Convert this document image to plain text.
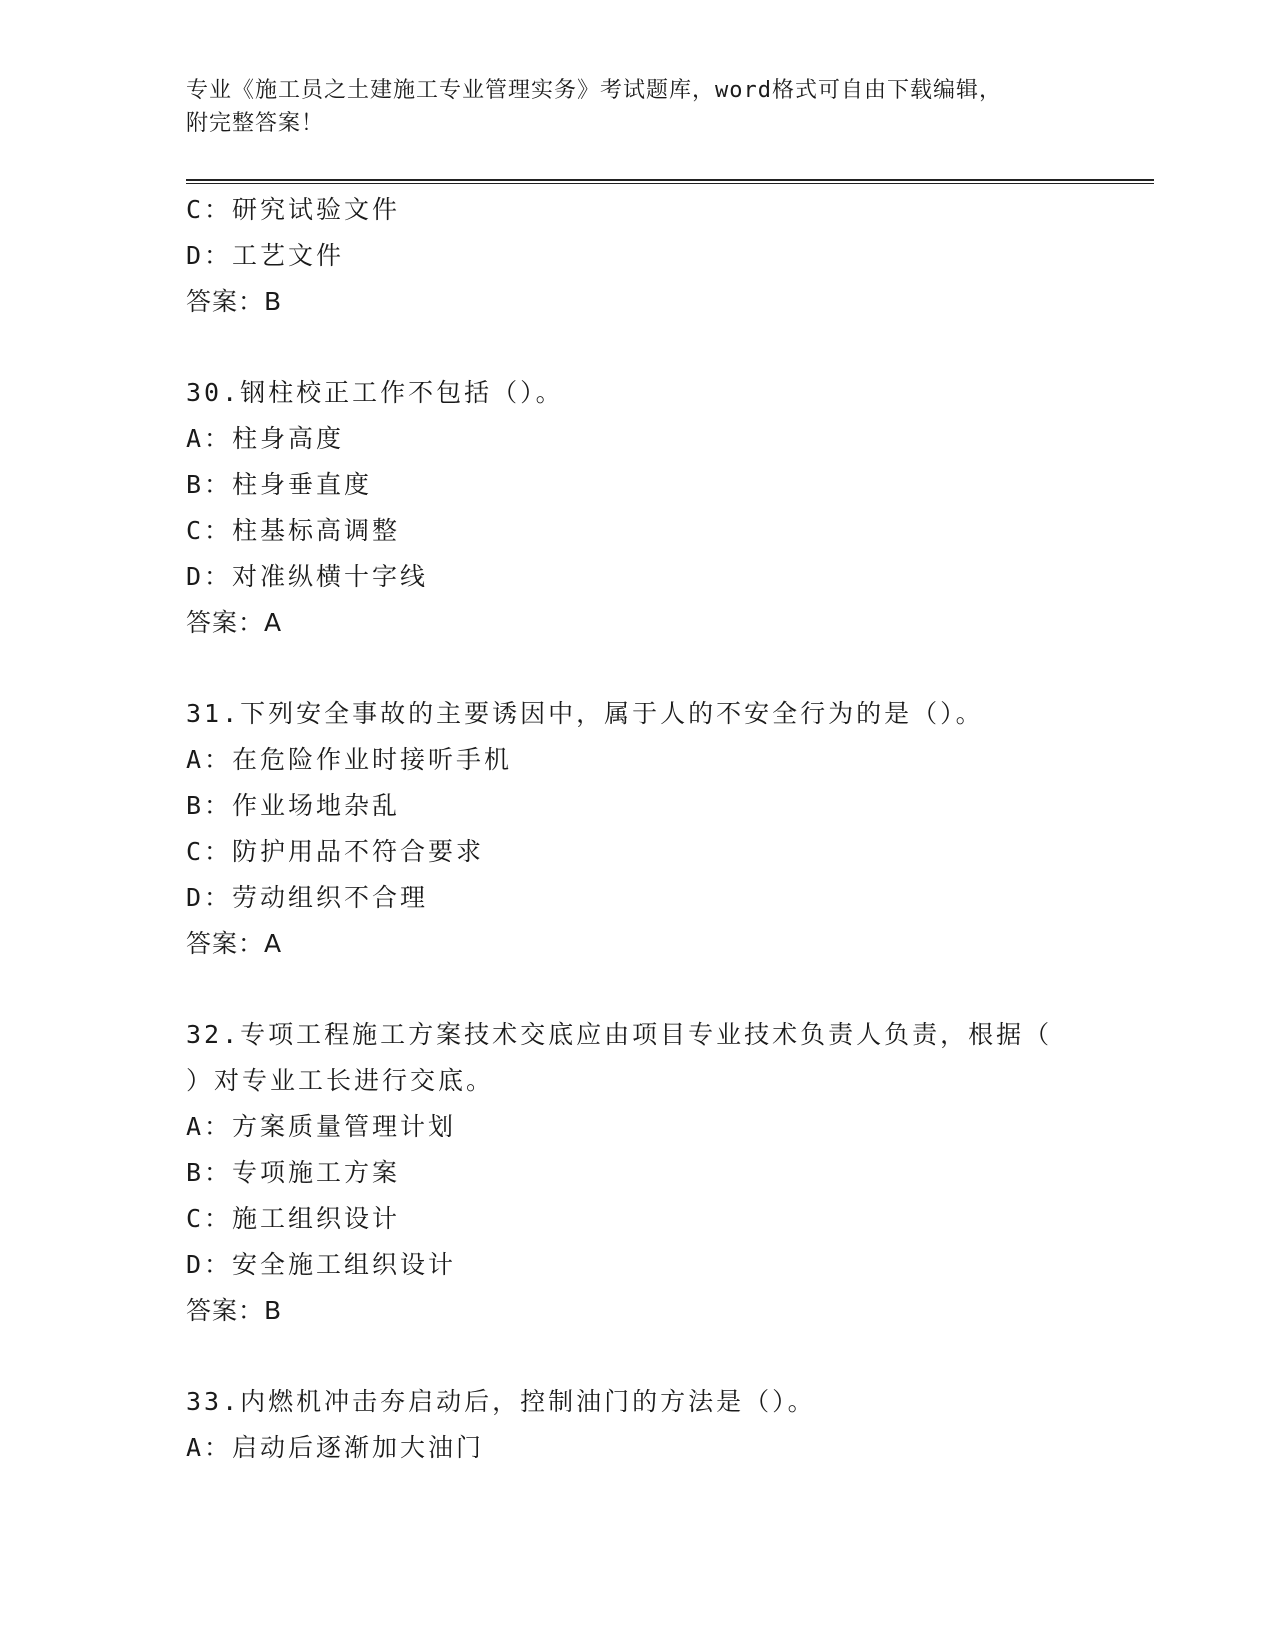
专业《施工员之土建施工专业管理实务》考试题库，word格式可自由下载编辑，
附完整答案！
C：研究试验文件
D：工艺文件
答案：B
30.钢柱校正工作不包括（）。
A：柱身高度
B：柱身垂直度
C：柱基标高调整
D：对准纵横十字线
答案：A
31.下列安全事故的主要诱因中，属于人的不安全行为的是（）。
A：在危险作业时接听手机
B：作业场地杂乱
C：防护用品不符合要求
D：劳动组织不合理
答案：A
32.专项工程施工方案技术交底应由项目专业技术负责人负责，根据（
）对专业工长进行交底。
A：方案质量管理计划
B：专项施工方案
C：施工组织设计
D：安全施工组织设计
答案：B
33.内燃机冲击夯启动后，控制油门的方法是（）。
A：启动后逐渐加大油门
